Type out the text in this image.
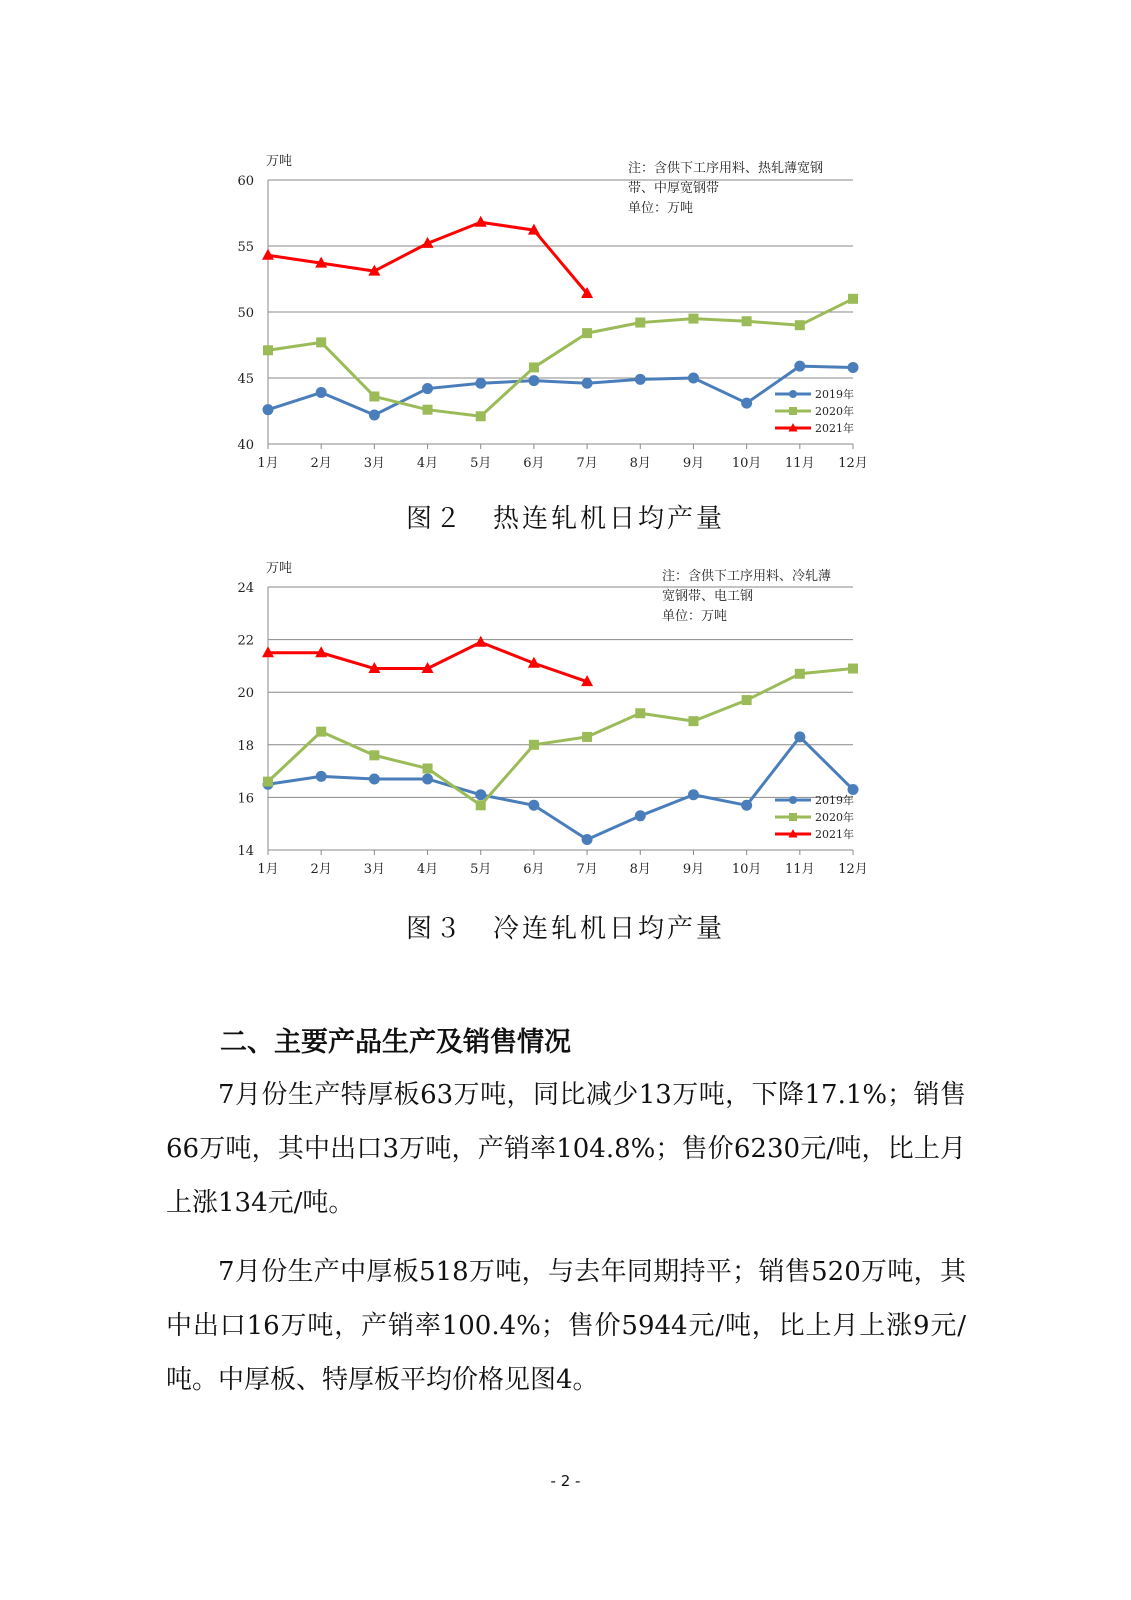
40
45
50
55
60
1月 2月 3月 4月 5月 6月 7月 8月 9月 10月 11月 12月
万吨	注：含供下工序用料、热轧薄宽钢
带、中厚宽钢带
单位：万吨
2019年
2020年
2021年
图２　热连轧机日均产量
14
16
18
20
22
24
1月 2月 3月 4月 5月 6月 7月 8月 9月 10月 11月 12月
万吨
注：含供下工序用料、冷轧薄
宽钢带、电工钢
单位：万吨
2019年
2020年
2021年
图３　冷连轧机日均产量
二、主要产品生产及销售情况
7月份生产特厚板63万吨，同比减少13万吨，下降17.1%；销售66万吨，其中出口3万吨，产销率104.8%；售价6230元/吨，比上月上涨134元/吨。
7月份生产中厚板518万吨，与去年同期持平；销售520万吨，其中出口16万吨，产销率100.4%；售价5944元/吨，比上月上涨9元/吨。中厚板、特厚板平均价格见图4。
- 2 -
